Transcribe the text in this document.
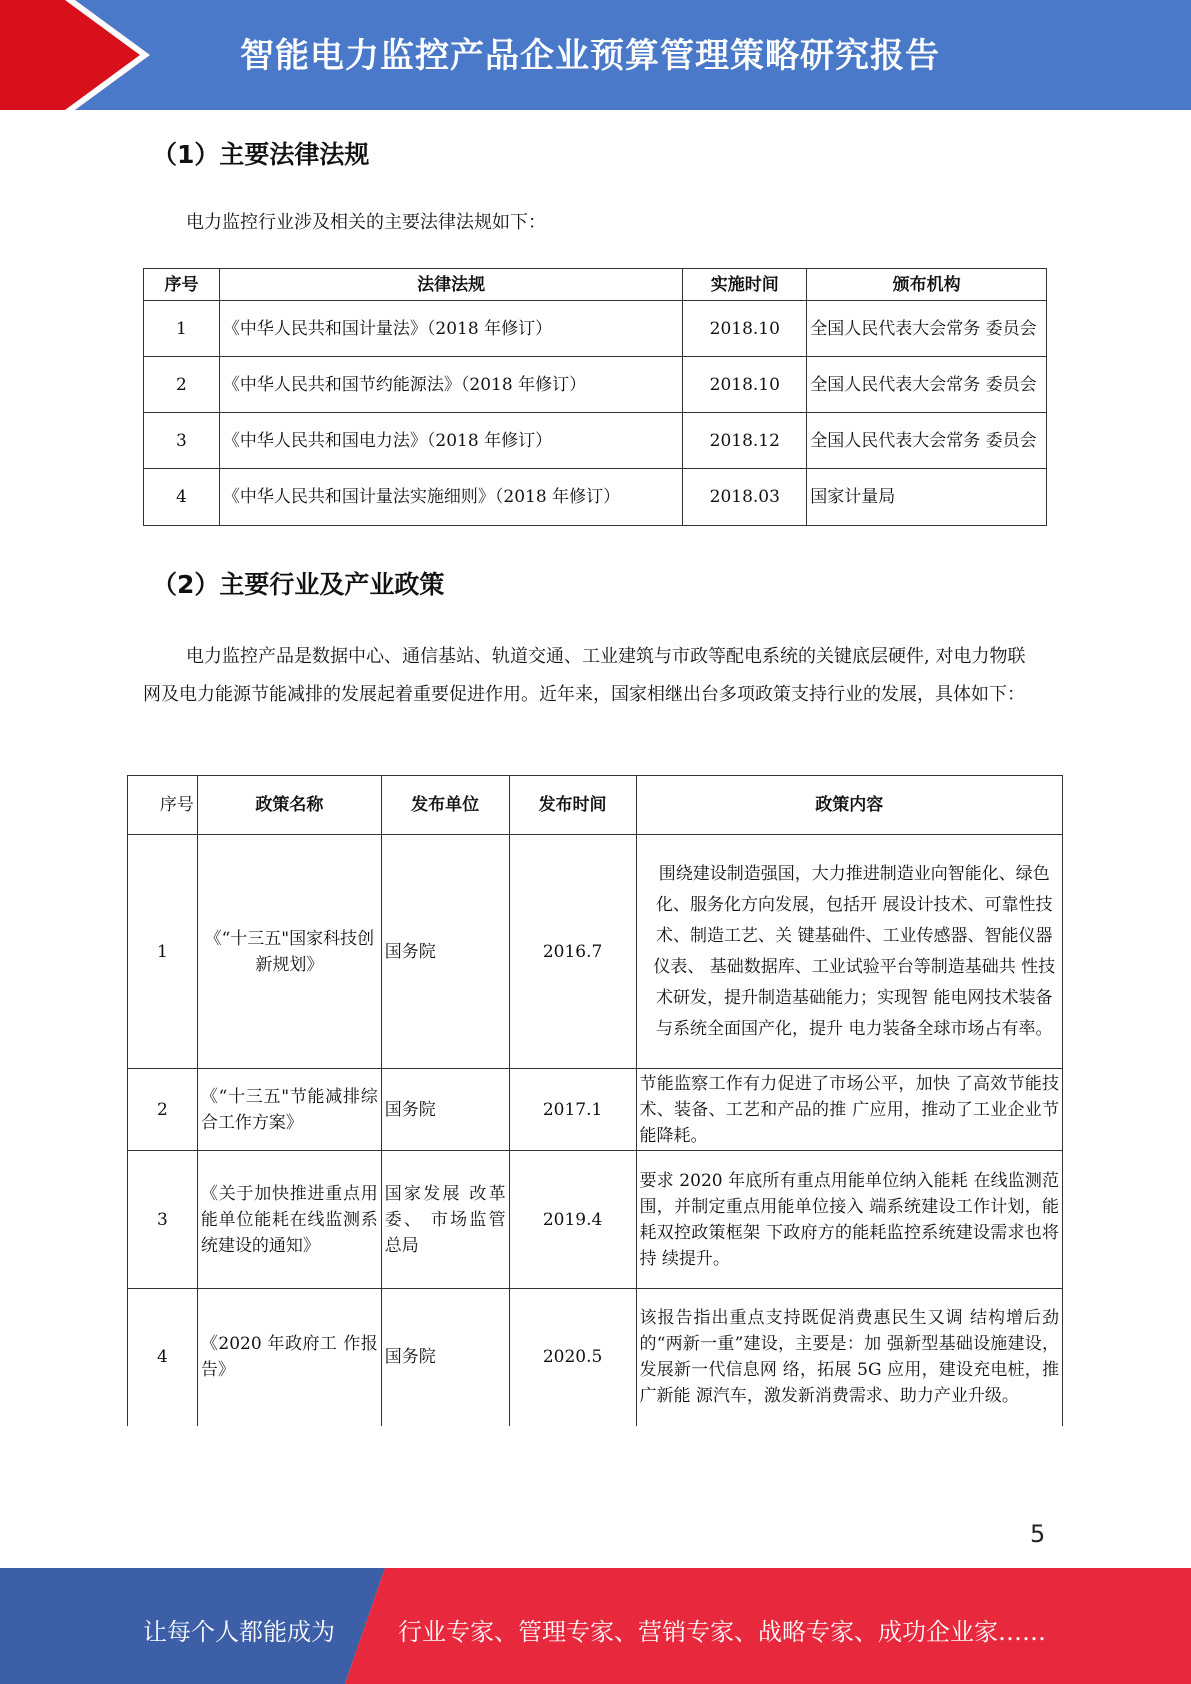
智能电力监控产品企业预算管理策略研究报告
（1）主要法律法规
电力监控行业涉及相关的主要法律法规如下：
序号	法律法规	实施时间	颁布机构
1	《中华人民共和国计量法》（2018 年修订）	2018.10	全国人民代表大会常务 委员会
2	《中华人民共和国节约能源法》（2018 年修订）	2018.10	全国人民代表大会常务 委员会
3	《中华人民共和国电力法》（2018 年修订）	2018.12	全国人民代表大会常务 委员会
4	《中华人民共和国计量法实施细则》（2018 年修订）	2018.03	国家计量局
（2）主要行业及产业政策
电力监控产品是数据中心、通信基站、轨道交通、工业建筑与市政等配电系统的关键底层硬件, 对电力物联网及电力能源节能减排的发展起着重要促进作用。近年来，国家相继出台多项政策支持行业的发展，具体如下：
序号	政策名称	发布单位	发布时间	政策内容
1	《“十三五"国家科技创新规划》	国务院	2016.7	围绕建设制造强国，大力推进制造业向智能化、绿色化、服务化方向发展，包括开 展设计技术、可靠性技术、制造工艺、关 键基础件、工业传感器、智能仪器仪表、 基础数据库、工业试验平台等制造基础共 性技术研发，提升制造基础能力；实现智 能电网技术装备与系统全面国产化，提升 电力装备全球市场占有率。
2	《“十三五"节能减排综合工作方案》	国务院	2017.1	节能监察工作有力促进了市场公平，加快 了高效节能技术、装备、工艺和产品的推 广应用，推动了工业企业节能降耗。
3	《关于加快推进重点用能单位能耗在线监测系统建设的通知》	国家发展 改革委、 市场监管 总局	2019.4	要求 2020 年底所有重点用能单位纳入能耗 在线监测范围，并制定重点用能单位接入 端系统建设工作计划，能耗双控政策框架 下政府方的能耗监控系统建设需求也将持 续提升。
4	《2020 年政府工 作报告》	国务院	2020.5	该报告指出重点支持既促消费惠民生又调 结构增后劲的“两新一重”建设，主要是：加 强新型基础设施建设，发展新一代信息网 络，拓展 5G 应用，建设充电桩，推广新能 源汽车，激发新消费需求、助力产业升级。
5
让每个人都能成为	行业专家、管理专家、营销专家、战略专家、成功企业家……
